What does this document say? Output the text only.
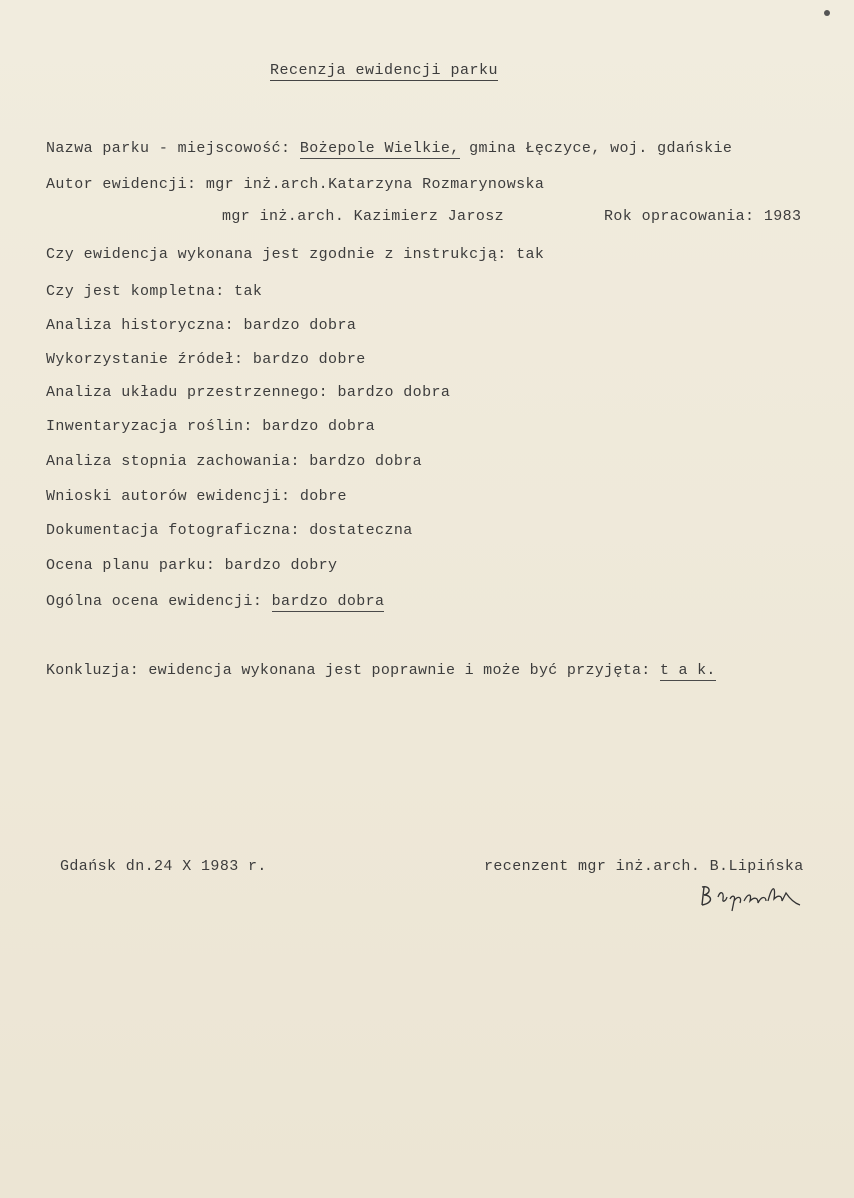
Recenzja ewidencji parku
Nazwa parku - miejscowość: Bożepole Wielkie, gmina Łęczyce, woj. gdańskie
Autor ewidencji: mgr inż.arch.Katarzyna Rozmarynowska
mgr inż.arch. Kazimierz Jarosz	Rok opracowania: 1983
Czy ewidencja wykonana jest zgodnie z instrukcją: tak
Czy jest kompletna: tak
Analiza historyczna: bardzo dobra
Wykorzystanie źródeł: bardzo dobre
Analiza układu przestrzennego: bardzo dobra
Inwentaryzacja roślin: bardzo dobra
Analiza stopnia zachowania: bardzo dobra
Wnioski autorów ewidencji: dobre
Dokumentacja fotograficzna: dostateczna
Ocena planu parku: bardzo dobry
Ogólna ocena ewidencji: bardzo dobra
Konkluzja: ewidencja wykonana jest poprawnie i może być przyjęta: t a k.
Gdańsk dn.24 X 1983 r.	recenzent mgr inż.arch. B.Lipińska
